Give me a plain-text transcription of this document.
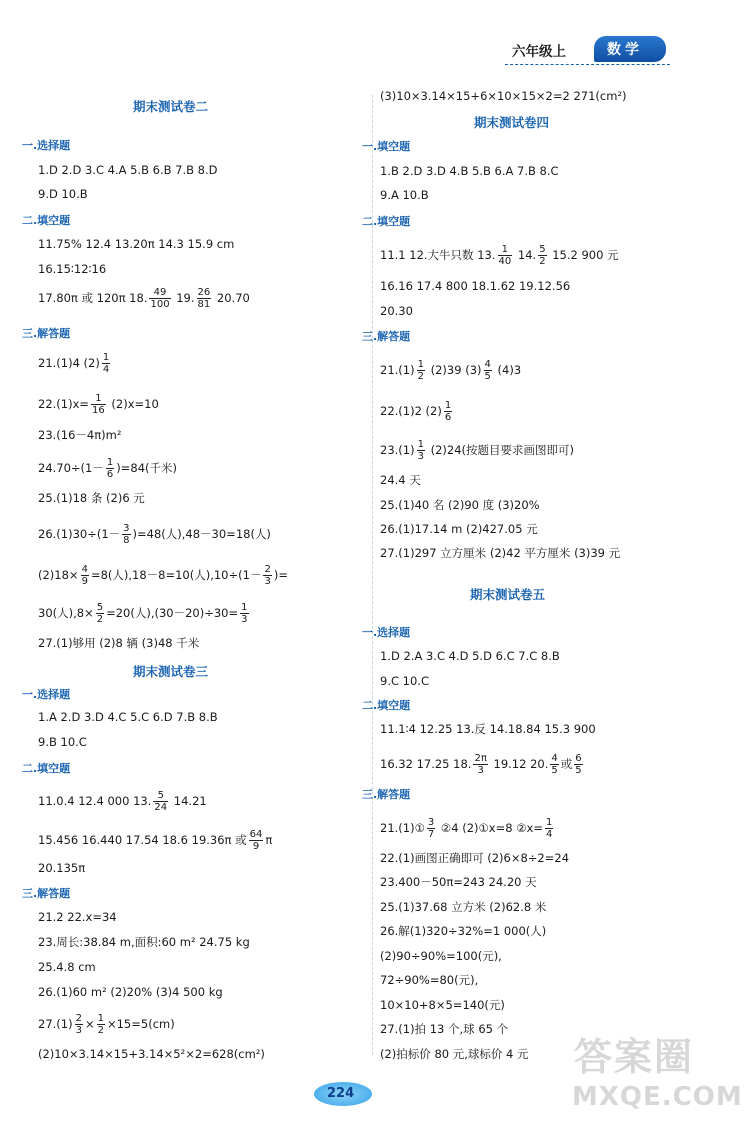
六年级上	数学
期末测试卷二
一.选择题
1.D 2.D 3.C 4.A 5.B 6.B 7.B 8.D
9.D 10.B
二.填空题
11.75% 12.4 13.20π 14.3 15.9 cm
16.15∶12∶16
17.80π 或 120π 18. $\frac{49}{100} 19$. $\frac{26}{81} 20.70$
三.解答题
21.(1)4 $(2) \frac{1}{4}$
$22.(1)x= \frac{1}{16} (2)x=10$
23.(16－4π)m²
$24.70\div(1- \frac{1}{6} )=84$(千米)
25.(1)18 条 (2)6 元
$26.(1)30\div(1- \frac{3}{8} )=48$(人),48－30=18(人)
$(2)18\times \frac{4}{9} =8$(人),18－8=10(人)$,10\div(1- \frac{2}{3}$ )=
30(人)$,8\times \frac{5}{2} =20$(人)$,(30-20)\div 30= \frac{1}{3}$
27.(1)够用 (2)8 辆 (3)48 千米
期末测试卷三
一.选择题
1.A 2.D 3.D 4.C 5.C 6.D 7.B 8.B
9.B 10.C
二.填空题
11.0.4 12.4 000 13. $\frac{5}{24} 14.21$
15.456 16.440 17.54 18.6 19.36π 或 $\frac{64}{9}$ π
20.135π
三.解答题
21.2 22.x=34
23.周长:38.84 m,面积:60 m² 24.75 kg
25.4.8 cm
26.(1)60 m² (2)20% (3)4 500 kg
$27.(1) \frac{2}{3} \times \frac{1}{2} \times 15=5(cm)$
(2)10×3.14×15+3.14×5²×2=628(cm²)
(3)10×3.14×15+6×10×15×2=2 271(cm²)
期末测试卷四
一.填空题
1.B 2.D 3.D 4.B 5.B 6.A 7.B 8.C
9.A 10.B
二.填空题
11.1 12.大牛只数 13. $\frac{1}{40} 14$. $\frac{5}{2} 15.2$ 900 元
16.16 17.4 800 18.1.62 19.12.56
20.30
三.解答题
$21.(1) \frac{1}{2} (2)39$ $(3) \frac{4}{5} (4)3$
22.(1)2 $(2) \frac{1}{6}$
$23.(1) \frac{1}{3} (2)24$(按题目要求画图即可)
24.4 天
25.(1)40 名 (2)90 度 (3)20%
26.(1)17.14 m (2)427.05 元
27.(1)297 立方厘米 (2)42 平方厘米 (3)39 元
期末测试卷五
一.选择题
1.D 2.A 3.C 4.D 5.D 6.C 7.C 8.B
9.C 10.C
二.填空题
11.1∶4 12.25 13.反 14.18.84 15.3 900
16.32 17.25 18. $\frac{2\pi}{3} 19.12$ 20. $\frac{4}{5}$ 或 $\frac{6}{5}$
三.解答题
21.(1)① $\frac{3}{7}$ ②4 (2)①x=8 ②x= $\frac{1}{4}$
22.(1)画图正确即可 (2)6×8÷2=24
23.400－50π=243 24.20 天
25.(1)37.68 立方米 (2)62.8 米
26.解(1)320÷32%=1 000(人)
(2)90÷90%=100(元),
72÷90%=80(元),
10×10+8×5=140(元)
27.(1)拍 13 个,球 65 个
(2)拍标价 80 元,球标价 4 元
224
答案圈
MXQE.COM
